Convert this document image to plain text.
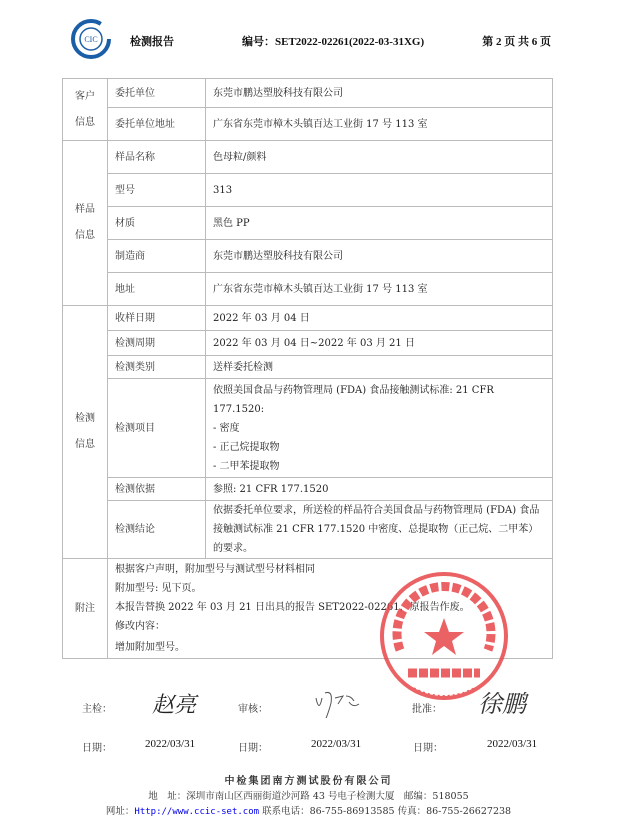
CIC	检测报告	编号：SET2022-02261(2022-03-31XG)	第 2 页 共 6 页
客户
信息	委托单位	东莞市鹏达塑胶科技有限公司
	委托单位地址	广东省东莞市樟木头镇百达工业街 17 号 113 室
样品
信息	样品名称	色母粒/颜料
	型号	313
	材质	黑色 PP
	制造商	东莞市鹏达塑胶科技有限公司
	地址	广东省东莞市樟木头镇百达工业街 17 号 113 室
检测
信息	收样日期	2022 年 03 月 04 日
	检测周期	2022 年 03 月 04 日~2022 年 03 月 21 日
	检测类别	送样委托检测
	检测项目	依照美国食品与药物管理局 (FDA) 食品接触测试标准: 21 CFR 177.1520:
- 密度
- 正己烷提取物
- 二甲苯提取物

	检测依据	参照: 21 CFR 177.1520
	检测结论	依据委托单位要求，所送检的样品符合美国食品与药物管理局 (FDA) 食品接触测试标准 21 CFR 177.1520 中密度、总提取物（正己烷、二甲苯）的要求。
附注	根据客户声明，附加型号与测试型号材料相同
附加型号: 见下页。
本报告替换 2022 年 03 月 21 日出具的报告 SET2022-02261，原报告作废。
修改内容：
增加附加型号。	
主检： 赵亮	审核：	批准： 徐鹏
日期：	2022/03/31	日期：	2022/03/31	日期：	2022/03/31
中检集团南方测试股份有限公司
地　址：深圳市南山区西丽街道沙河路 43 号电子检测大厦　邮编：518055
网址：Http://www.ccic-set.com 联系电话：86-755-86913585 传真：86-755-26627238
